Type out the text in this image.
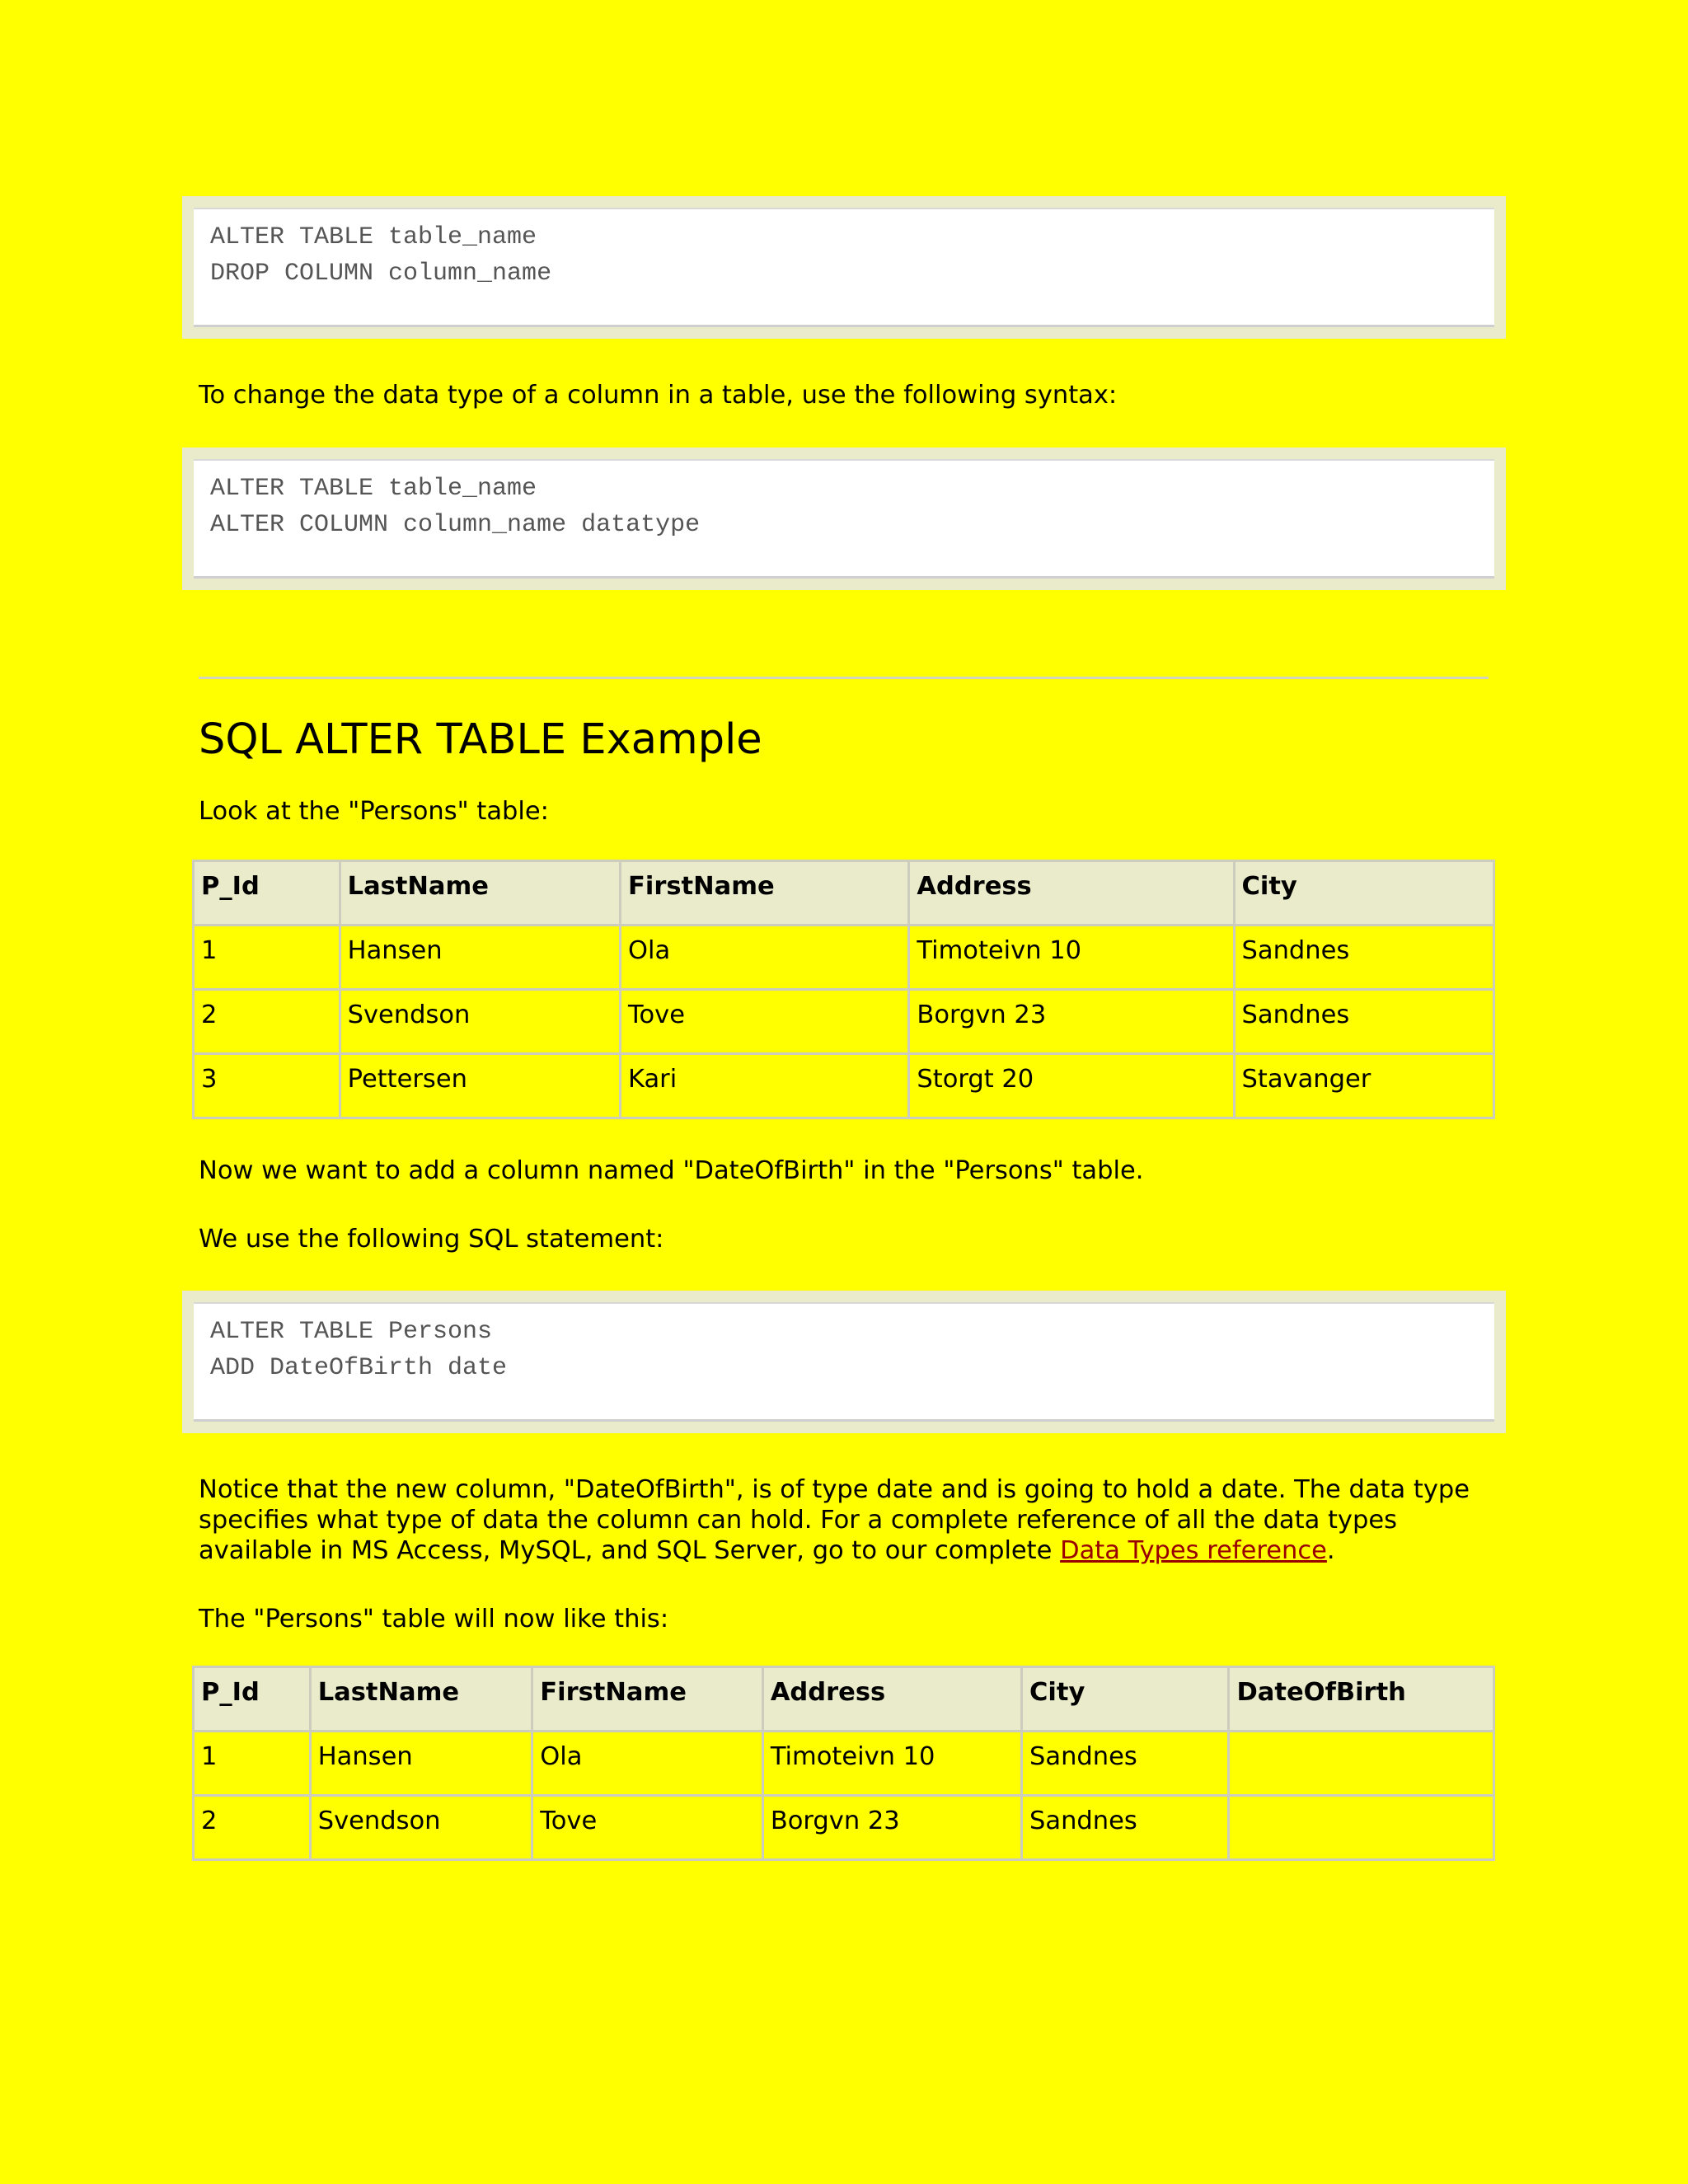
ALTER TABLE table_name
DROP COLUMN column_name

To change the data type of a column in a table, use the following syntax:

ALTER TABLE table_name
ALTER COLUMN column_name datatype
SQL ALTER TABLE Example

Look at the "Persons" table:

P_Id	LastName	FirstName	Address	City
1	Hansen	Ola	Timoteivn 10	Sandnes
2	Svendson	Tove	Borgvn 23	Sandnes
3	Pettersen	Kari	Storgt 20	Stavanger

Now we want to add a column named "DateOfBirth" in the "Persons" table.

We use the following SQL statement:

ALTER TABLE Persons
ADD DateOfBirth date

Notice that the new column, "DateOfBirth", is of type date and is going to hold a date. The data type specifies what type of data the column can hold. For a complete reference of all the data types available in MS Access, MySQL, and SQL Server, go to our complete Data Types reference.

The "Persons" table will now like this:

P_Id	LastName	FirstName	Address	City	DateOfBirth
1	Hansen	Ola	Timoteivn 10	Sandnes	
2	Svendson	Tove	Borgvn 23	Sandnes	
